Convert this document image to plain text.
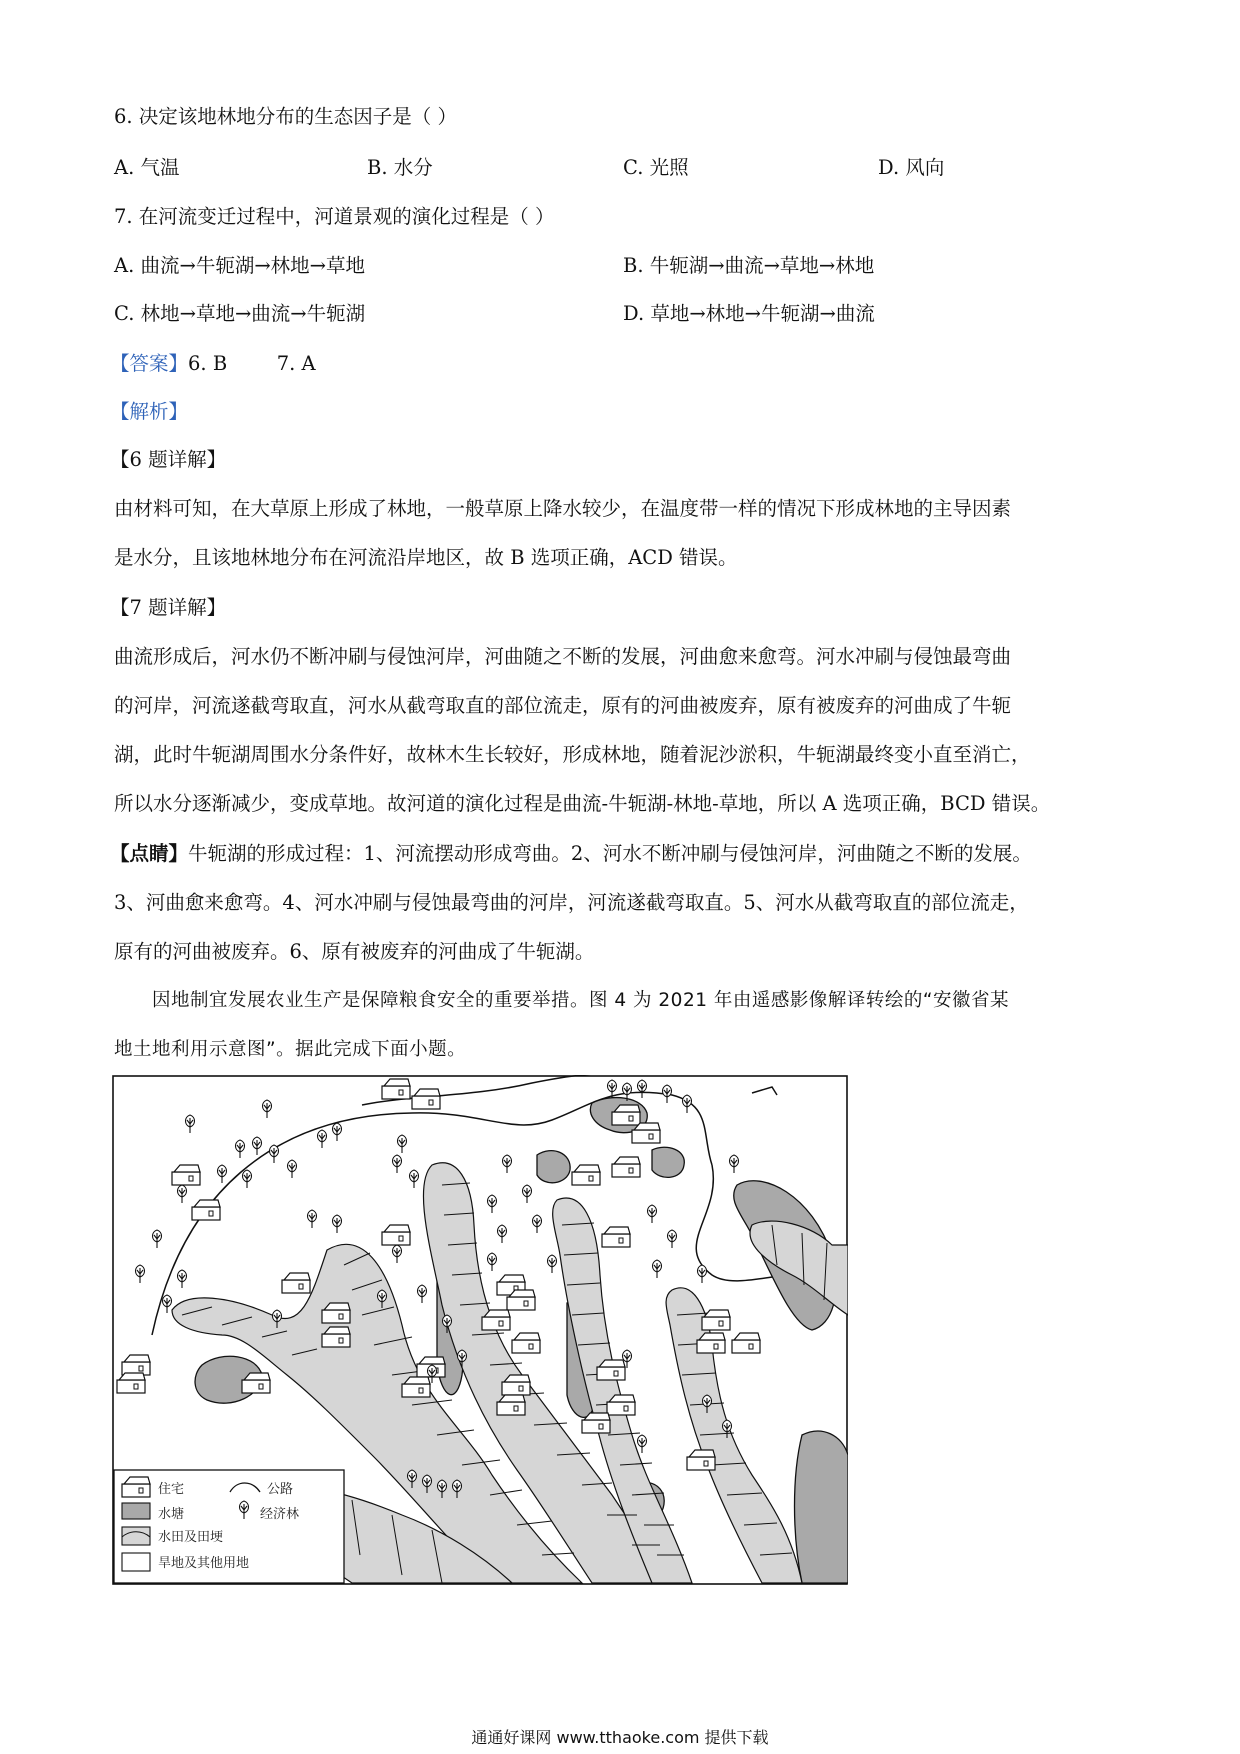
6. 决定该地林地分布的生态因子是（ ）
A. 气温	B. 水分	C. 光照	D. 风向
7. 在河流变迁过程中，河道景观的演化过程是（ ）
A. 曲流→牛轭湖→林地→草地	B. 牛轭湖→曲流→草地→林地
C. 林地→草地→曲流→牛轭湖	D. 草地→林地→牛轭湖→曲流
【答案】6. B        7. A
【解析】
【6 题详解】
由材料可知，在大草原上形成了林地，一般草原上降水较少，在温度带一样的情况下形成林地的主导因素
是水分，且该地林地分布在河流沿岸地区，故 B 选项正确，ACD 错误。
【7 题详解】
曲流形成后，河水仍不断冲刷与侵蚀河岸，河曲随之不断的发展，河曲愈来愈弯。河水冲刷与侵蚀最弯曲
的河岸，河流遂截弯取直，河水从截弯取直的部位流走，原有的河曲被废弃，原有被废弃的河曲成了牛轭
湖，此时牛轭湖周围水分条件好，故林木生长较好，形成林地，随着泥沙淤积，牛轭湖最终变小直至消亡，
所以水分逐渐减少，变成草地。故河道的演化过程是曲流-牛轭湖-林地-草地，所以 A 选项正确，BCD 错误。
【点睛】牛轭湖的形成过程：1、河流摆动形成弯曲。2、河水不断冲刷与侵蚀河岸，河曲随之不断的发展。
3、河曲愈来愈弯。4、河水冲刷与侵蚀最弯曲的河岸，河流遂截弯取直。5、河水从截弯取直的部位流走，
原有的河曲被废弃。6、原有被废弃的河曲成了牛轭湖。
因地制宜发展农业生产是保障粮食安全的重要举措。图 4 为 2021 年由遥感影像解译转绘的“安徽省某
地土地利用示意图”。据此完成下面小题。
住宅	公路
水塘	经济林
水田及田埂
旱地及其他用地
通通好课网 www.tthaoke.com 提供下载
